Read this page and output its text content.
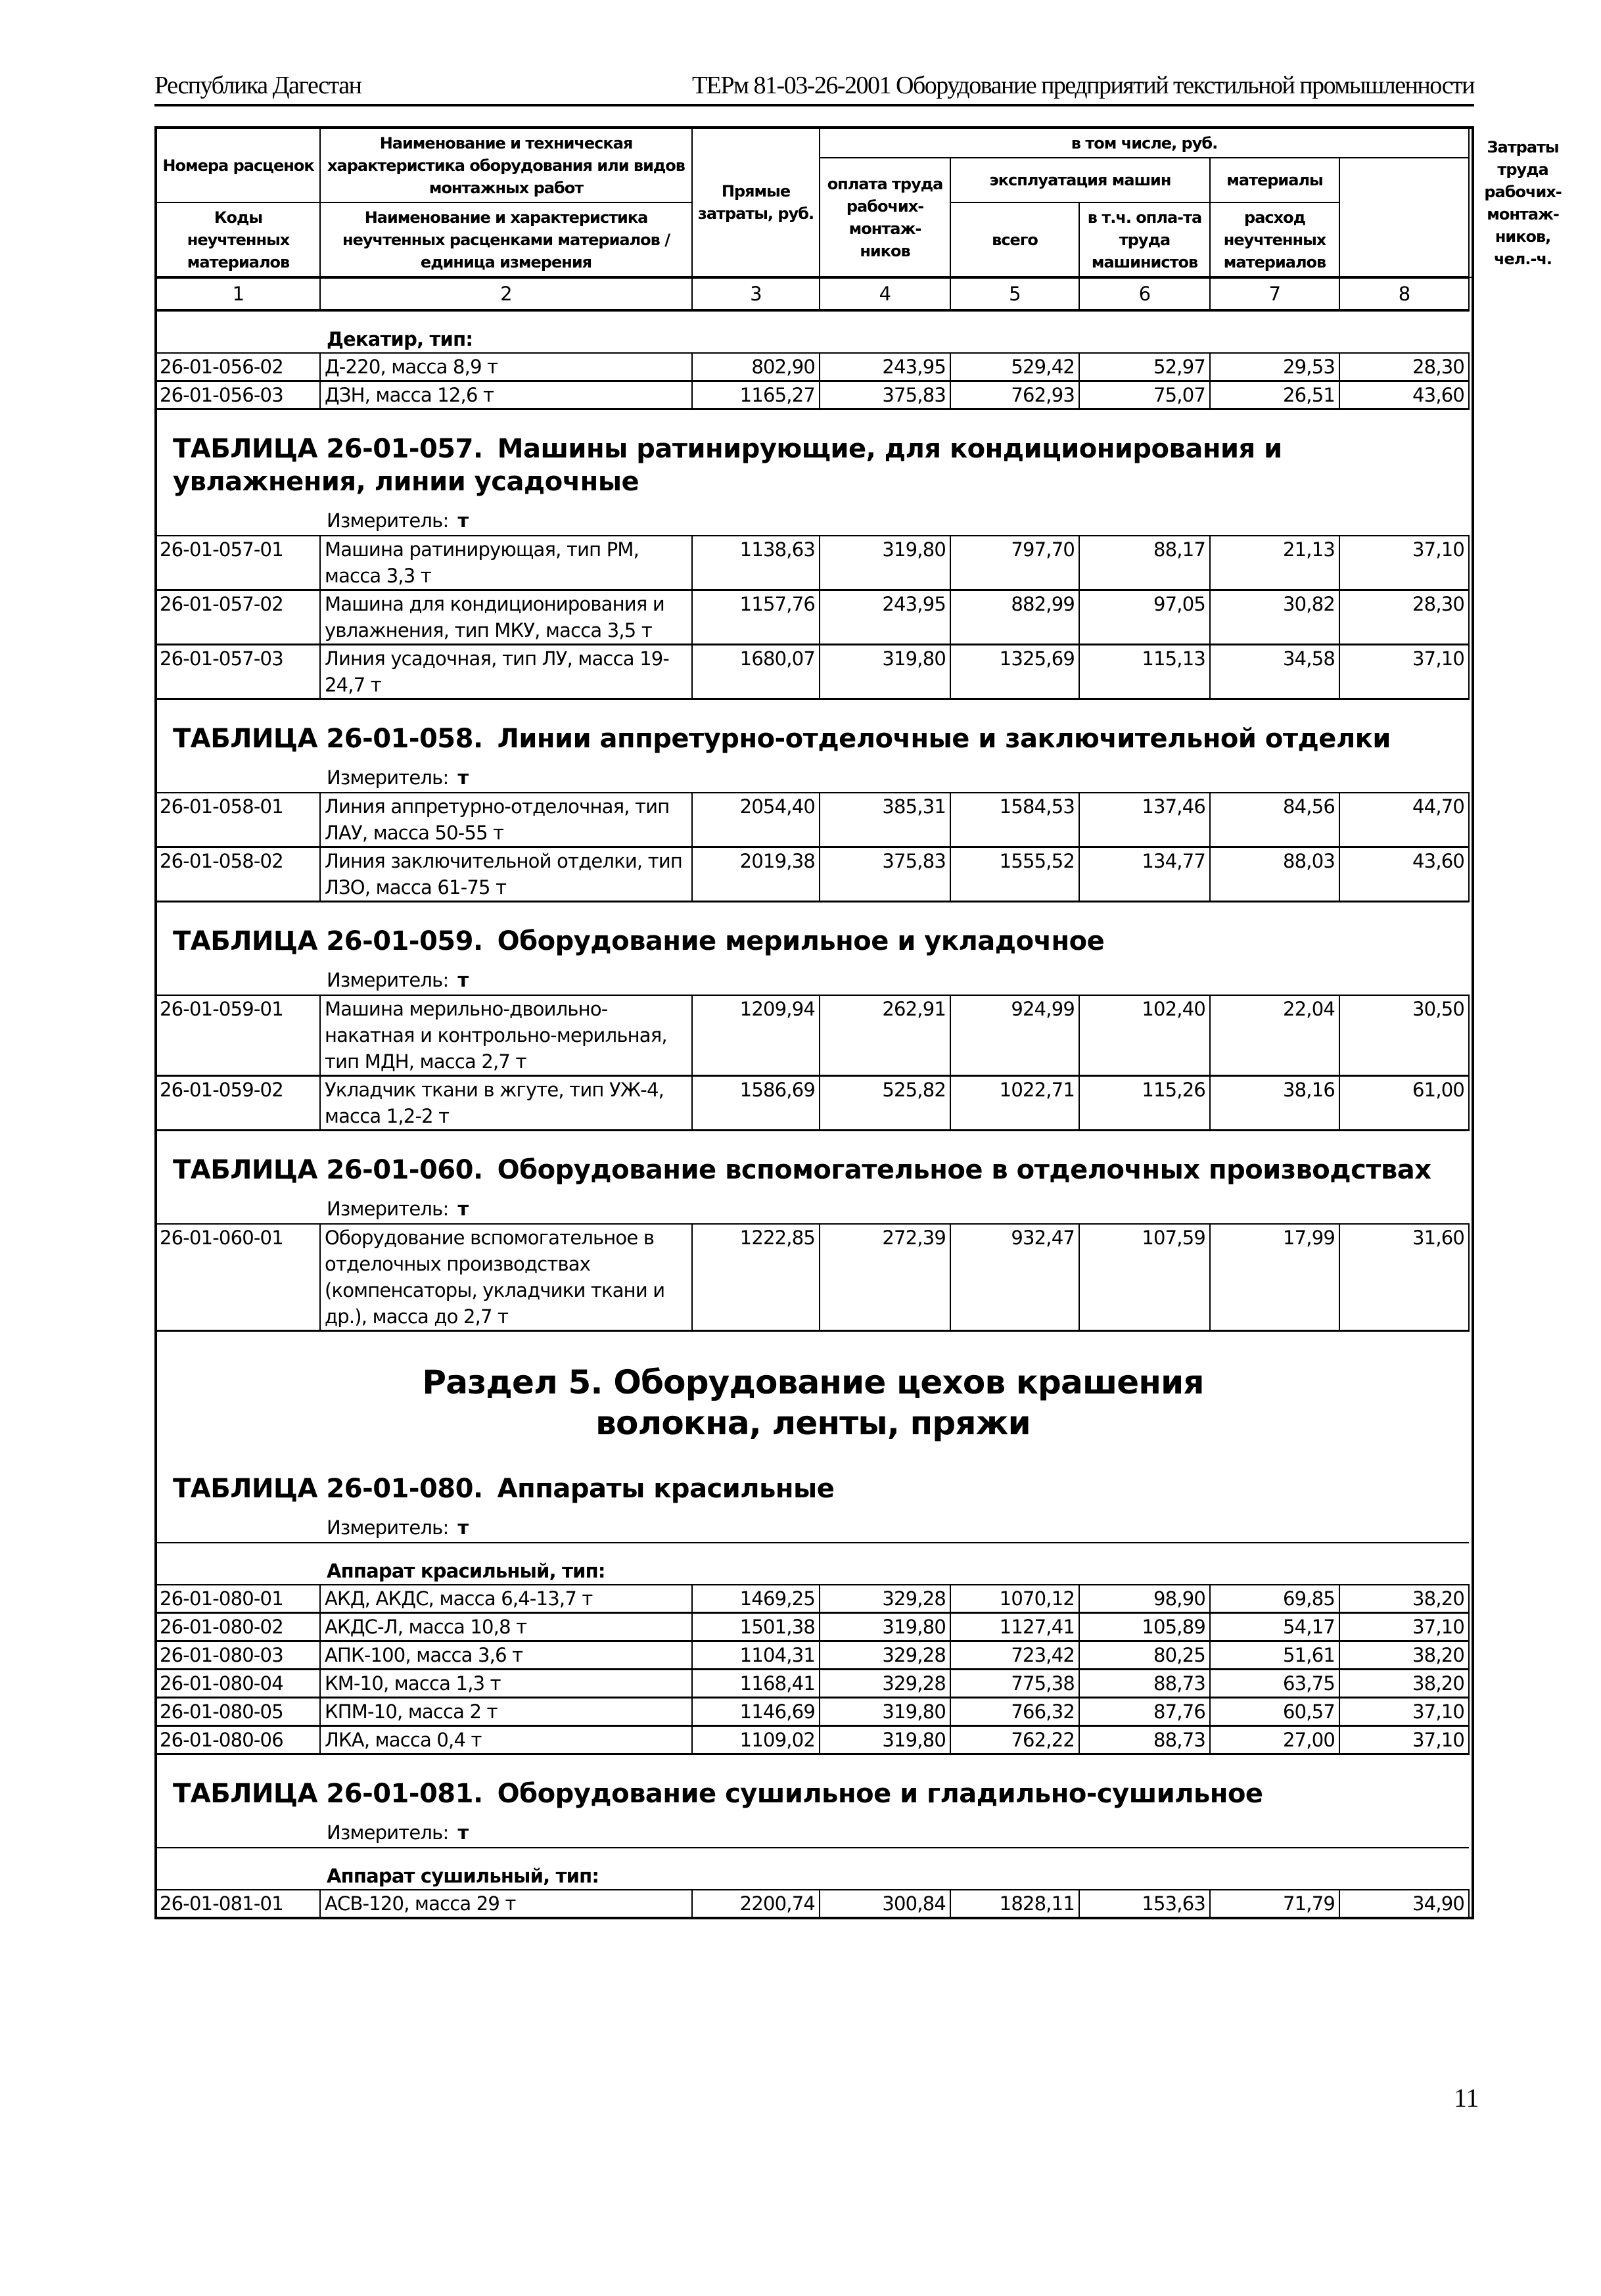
Республика Дагестан	ТЕРм 81-03-26-2001 Оборудование предприятий текстильной промышленности
Номера расценок	Наименование и техническая характеристика оборудования или видов монтажных работ	Прямые затраты, руб.	в том числе, руб.					Затраты труда рабочих-монтаж-ников, чел.-ч.

			оплата труда рабочих-монтаж-ников	эксплуатация машин		материалы		

Коды неучтенных материалов	Наименование и характеристика неучтенных расценками материалов / единица измерения			всего	в т.ч. опла-та труда машинистов	расход неучтенных материалов		

1	2	3	4	5	6	7	8	
Декатир, тип:								
26-01-056-02	Д-220, масса 8,9 т	802,90	243,95	529,42	52,97	29,53	28,30	
26-01-056-03	ДЗН, масса 12,6 т	1165,27	375,83	762,93	75,07	26,51	43,60	
ТАБЛИЦА 26-01-057. Машины ратинирующие, для кондиционирования и увлажнения, линии усадочные								
Измеритель: т								
26-01-057-01	Машина ратинирующая, тип РМ, масса 3,3 т	1138,63	319,80	797,70	88,17	21,13	37,10	
26-01-057-02	Машина для кондиционирования и увлажнения, тип МКУ, масса 3,5 т	1157,76	243,95	882,99	97,05	30,82	28,30	
26-01-057-03	Линия усадочная, тип ЛУ, масса 19-24,7 т	1680,07	319,80	1325,69	115,13	34,58	37,10	
ТАБЛИЦА 26-01-058. Линии аппретурно-отделочные и заключительной отделки								
Измеритель: т								
26-01-058-01	Линия аппретурно-отделочная, тип ЛАУ, масса 50-55 т	2054,40	385,31	1584,53	137,46	84,56	44,70	
26-01-058-02	Линия заключительной отделки, тип ЛЗО, масса 61-75 т	2019,38	375,83	1555,52	134,77	88,03	43,60	
ТАБЛИЦА 26-01-059. Оборудование мерильное и укладочное								
Измеритель: т								
26-01-059-01	Машина мерильно-двоильно-накатная и контрольно-мерильная, тип МДН, масса 2,7 т	1209,94	262,91	924,99	102,40	22,04	30,50	
26-01-059-02	Укладчик ткани в жгуте, тип УЖ-4, масса 1,2-2 т	1586,69	525,82	1022,71	115,26	38,16	61,00	
ТАБЛИЦА 26-01-060. Оборудование вспомогательное в отделочных производствах								
Измеритель: т								
26-01-060-01	Оборудование вспомогательное в отделочных производствах (компенсаторы, укладчики ткани и др.), масса до 2,7 т	1222,85	272,39	932,47	107,59	17,99	31,60	

Раздел 5. Оборудование цехов крашения
волокна, ленты, пряжи								

ТАБЛИЦА 26-01-080. Аппараты красильные								
Измеритель: т								
Аппарат красильный, тип:								
26-01-080-01	АКД, АКДС, масса 6,4-13,7 т	1469,25	329,28	1070,12	98,90	69,85	38,20	
26-01-080-02	АКДС-Л, масса 10,8 т	1501,38	319,80	1127,41	105,89	54,17	37,10	
26-01-080-03	АПК-100, масса 3,6 т	1104,31	329,28	723,42	80,25	51,61	38,20	
26-01-080-04	КМ-10, масса 1,3 т	1168,41	329,28	775,38	88,73	63,75	38,20	
26-01-080-05	КПМ-10, масса 2 т	1146,69	319,80	766,32	87,76	60,57	37,10	
26-01-080-06	ЛКА, масса 0,4 т	1109,02	319,80	762,22	88,73	27,00	37,10	
ТАБЛИЦА 26-01-081. Оборудование сушильное и гладильно-сушильное								
Измеритель: т								
Аппарат сушильный, тип:								
26-01-081-01	АСВ-120, масса 29 т	2200,74	300,84	1828,11	153,63	71,79	34,90	
11
